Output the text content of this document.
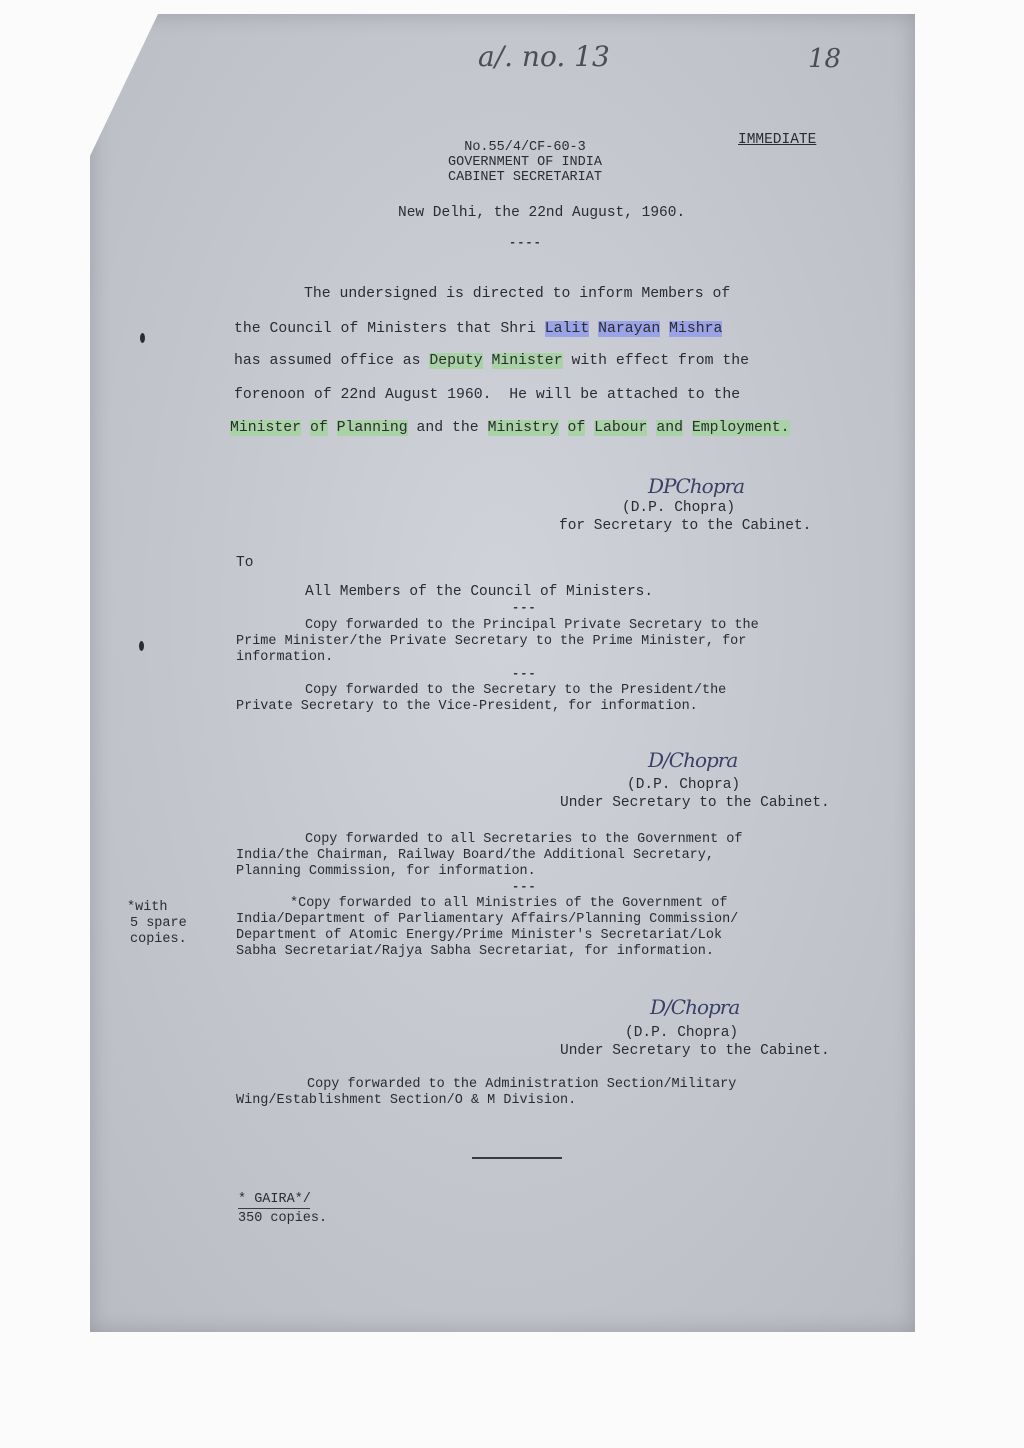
a/. no. 13	18
IMMEDIATE
No.55/4/CF-60-3
GOVERNMENT OF INDIA
CABINET SECRETARIAT
New Delhi, the 22nd August, 1960.
----
The undersigned is directed to inform Members of
the Council of Ministers that Shri Lalit Narayan Mishra
has assumed office as Deputy Minister with effect from the
forenoon of 22nd August 1960.  He will be attached to the
Minister of Planning and the Ministry of Labour and Employment.
DPChopra
(D.P. Chopra)
for Secretary to the Cabinet.
To
All Members of the Council of Ministers.
---
Copy forwarded to the Principal Private Secretary to the
Prime Minister/the Private Secretary to the Prime Minister, for
information.
---
Copy forwarded to the Secretary to the President/the
Private Secretary to the Vice-President, for information.
D/Chopra
(D.P. Chopra)
Under Secretary to the Cabinet.
Copy forwarded to all Secretaries to the Government of
India/the Chairman, Railway Board/the Additional Secretary,
Planning Commission, for information.
---
*with
5 spare
copies.
*Copy forwarded to all Ministries of the Government of
India/Department of Parliamentary Affairs/Planning Commission/
Department of Atomic Energy/Prime Minister's Secretariat/Lok
Sabha Secretariat/Rajya Sabha Secretariat, for information.
D/Chopra
(D.P. Chopra)
Under Secretary to the Cabinet.
Copy forwarded to the Administration Section/Military
Wing/Establishment Section/O & M Division.
* GAIRA*/
350 copies.
